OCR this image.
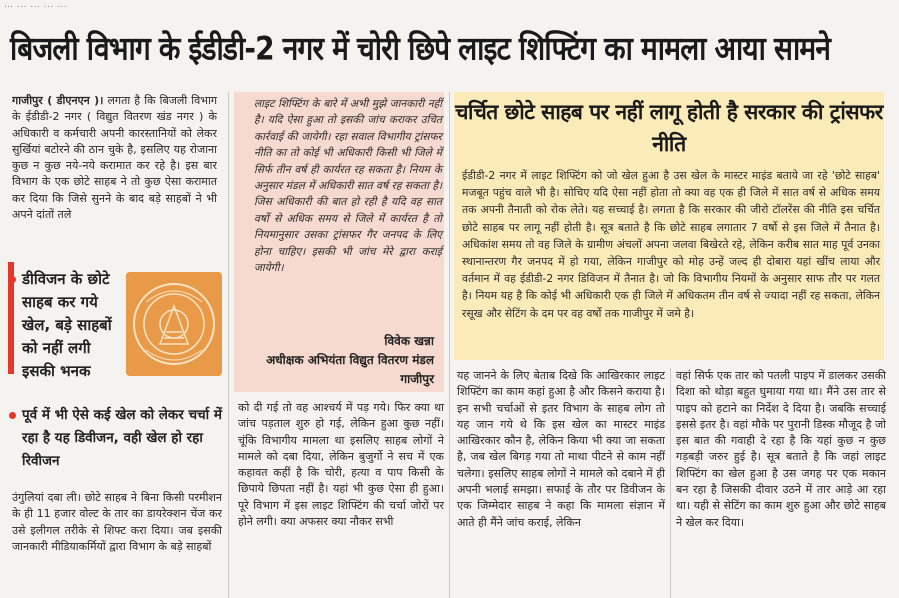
… ... ... ... ...
बिजली विभाग के ईडीडी-2 नगर में चोरी छिपे लाइट शिफ्टिंग का मामला आया सामने
गाजीपुर ( डीएनएन )। लगता है कि बिजली विभाग के ईडीडी-2 नगर ( विद्युत वितरण खंड नगर ) के अधिकारी व कर्मचारी अपनी कारस्तानियों को लेकर सुर्खियां बटोरने की ठान चुके है, इसलिए यह रोजाना कुछ न कुछ नये-नये करामात कर रहे है। इस बार विभाग के एक छोटे साहब ने तो कुछ ऐसा करामात कर दिया कि जिसे सुनने के बाद बड़े साहबों ने भी अपने दांतों तले
डीविजन के छोटे साहब कर गये खेल, बड़े साहबों को नहीं लगी इसकी भनक
पूर्व में भी ऐसे कई खेल को लेकर चर्चा में रहा है यह डिवीजन, वही खेल हो रहा रिवीजन
उंगुलियां दबा ली। छोटे साहब ने बिना किसी परमीशन के ही 11 हजार वोल्ट के तार का डायरेक्शन चेंज कर उसे इलीगल तरीके से शिफ्ट करा दिया। जब इसकी जानकारी मीडियाकर्मियों द्वारा विभाग के बड़े साहबों
लाइट शिफ्टिंग के बारे में अभी मुझे जानकारी नहीं है। यदि ऐसा हुआ तो इसकी जांच कराकर उचित कार्रवाई की जायेगी। रहा सवाल विभागीय ट्रांसफर नीति का तो कोई भी अधिकारी किसी भी जिले में सिर्फ तीन वर्ष ही कार्यरत रह सकता है। नियम के अनुसार मंडल में अधिकारी सात वर्ष रह सकता है। जिस अधिकारी की बात हो रही है यदि वह सात वर्षो से अधिक समय से जिले में कार्यरत है तो नियमानुसार उसका ट्रांसफर गैर जनपद के लिए होना चाहिए। इसकी भी जांच मेरे द्वारा कराई जायेगी।
विवेक खन्ना
अधीक्षक अभियंता विद्युत वितरण मंडल गाजीपुर
को दी गई तो वह आश्चर्य में पड़ गये। फिर क्या था जांच पड़ताल शुरु हो गई, लेकिन हुआ कुछ नहीं। चूंकि विभागीय मामला था इसलिए साहब लोगों ने मामले को दबा दिया, लेकिन बुजुर्गो ने सच में एक कहावत कहीं है कि चोरी, हत्या व पाप किसी के छिपाये छिपता नहीं है। यहां भी कुछ ऐसा ही हुआ। पूरे विभाग में इस लाइट शिफ्टिंग की चर्चा जोरों पर होने लगी। क्या अफसर क्या नौकर सभी
चर्चित छोटे साहब पर नहीं लागू होती है सरकार की ट्रांसफर नीति
ईडीडी-2 नगर में लाइट शिफ्टिंग को जो खेल हुआ है उस खेल के मास्टर माइंड बताये जा रहे 'छोटे साहब' मजबूत पहुंच वाले भी है। सोचिए यदि ऐसा नहीं होता तो क्या वह एक ही जिले में सात वर्ष से अधिक समय तक अपनी तैनाती को रोक लेते। यह सच्चाई है। लगता है कि सरकार की जीरो टॉलरेंस की नीति इस चर्चित छोटे साहब पर लागू नहीं होती है। सूत्र बताते है कि छोटे साहब लगातार 7 वर्षो से इस जिले में तैनात है। अधिकांश समय तो वह जिले के ग्रामीण अंचलों अपना जलवा बिखेरते रहे, लेकिन करीब सात माह पूर्व उनका स्थानान्तरण गैर जनपद में हो गया, लेकिन गाजीपुर को मोह उन्हें जल्द ही दोबारा यहां खींच लाया और वर्तमान में वह ईडीडी-2 नगर डिविजन में तैनात है। जो कि विभागीय नियमों के अनुसार साफ तौर पर गलत है। नियम यह है कि कोई भी अधिकारी एक ही जिले में अधिकतम तीन वर्ष से ज्यादा नहीं रह सकता, लेकिन रसूख और सेटिंग के दम पर वह वर्षो तक गाजीपुर में जमे है।
यह जानने के लिए बेताब दिखे कि आखिरकार लाइट शिफ्टिंग का काम कहां हुआ है और किसने कराया है। इन सभी चर्चाओं से इतर विभाग के साहब लोग तो यह जान गये थे कि इस खेल का मास्टर माइंड आखिरकार कौन है, लेकिन किया भी क्या जा सकता है, जब खेल बिगड़ गया तो माथा पीटने से काम नहीं चलेगा। इसलिए साहब लोगों ने मामले को दबाने में ही अपनी भलाई समझा। सफाई के तौर पर डिवीजन के एक जिम्मेदार साहब ने कहा कि मामला संज्ञान में आते ही मैंने जांच कराई, लेकिन
वहां सिर्फ एक तार को पतली पाइप में डालकर उसकी दिशा को थोड़ा बहुत घुमाया गया था। मैंने उस तार से पाइप को हटाने का निर्देश दे दिया है। जबकि सच्चाई इससे इतर है। वहां मौके पर पुरानी डिस्क मौजूद है जो इस बात की गवाही दे रहा है कि यहां कुछ न कुछ गड़बड़ी जरुर हुई है। सूत्र बताते है कि जहां लाइट शिफ्टिंग का खेल हुआ है उस जगह पर एक मकान बन रहा है जिसकी दीवार उठने में तार आड़े आ रहा था। यही से सेटिंग का काम शुरु हुआ और छोटे साहब ने खेल कर दिया।
